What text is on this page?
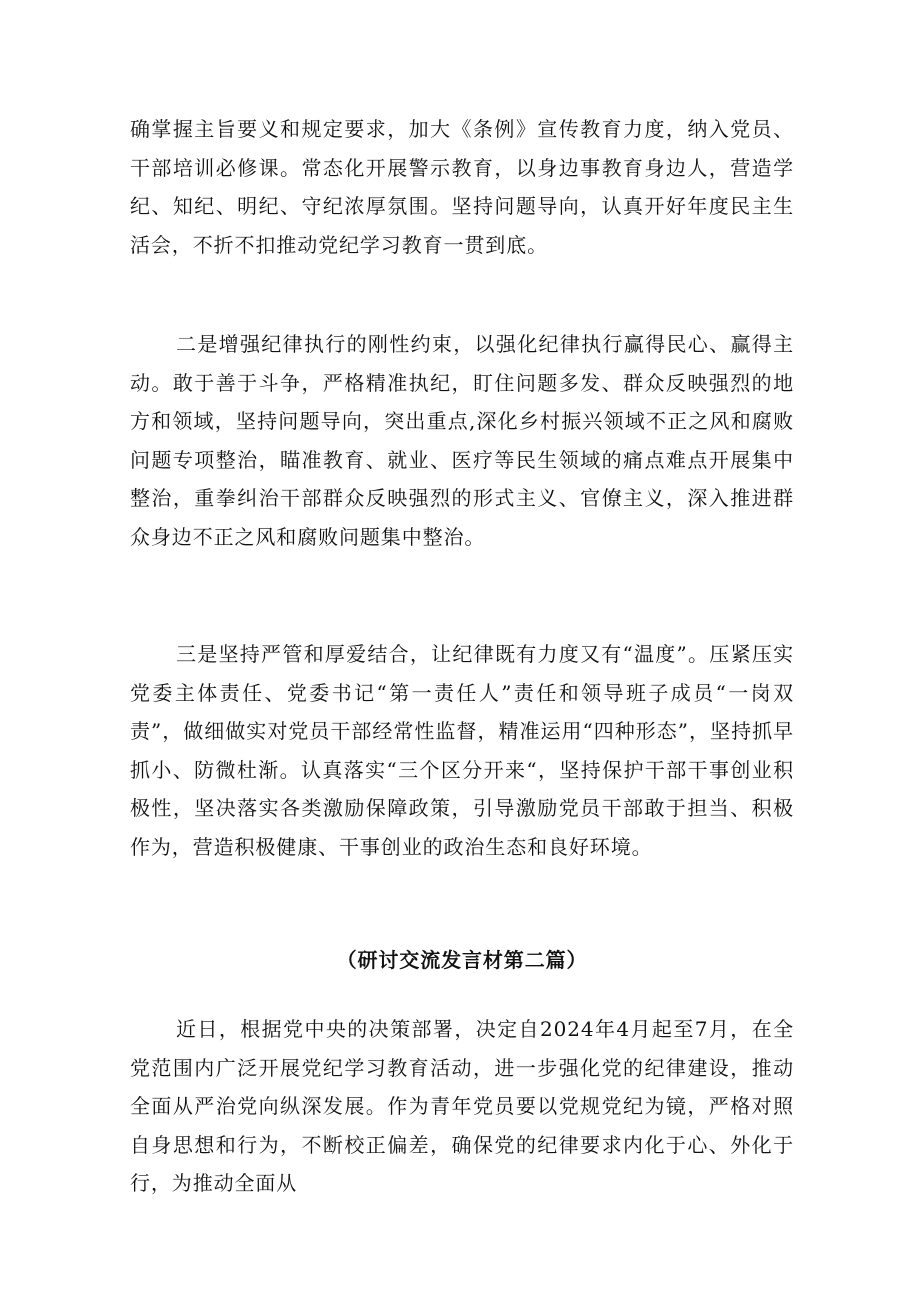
确掌握主旨要义和规定要求，加大《条例》宣传教育力度，纳入党员、干部培训必修课。常态化开展警示教育，以身边事教育身边人，营造学纪、知纪、明纪、守纪浓厚氛围。坚持问题导向，认真开好年度民主生活会，不折不扣推动党纪学习教育一贯到底。

二是增强纪律执行的刚性约束，以强化纪律执行赢得民心、赢得主动。敢于善于斗争，严格精准执纪，盯住问题多发、群众反映强烈的地方和领域，坚持问题导向，突出重点,深化乡村振兴领域不正之风和腐败问题专项整治，瞄准教育、就业、医疗等民生领域的痛点难点开展集中整治，重拳纠治干部群众反映强烈的形式主义、官僚主义，深入推进群众身边不正之风和腐败问题集中整治。

三是坚持严管和厚爱结合，让纪律既有力度又有“温度”。压紧压实党委主体责任、党委书记“第一责任人”责任和领导班子成员“一岗双责”，做细做实对党员干部经常性监督，精准运用“四种形态”，坚持抓早抓小、防微杜渐。认真落实“三个区分开来“，坚持保护干部干事创业积极性，坚决落实各类激励保障政策，引导激励党员干部敢于担当、积极作为，营造积极健康、干事创业的政治生态和良好环境。

（研讨交流发言材第二篇）

近日，根据党中央的决策部署，决定自2024年4月起至7月，在全党范围内广泛开展党纪学习教育活动，进一步强化党的纪律建设，推动全面从严治党向纵深发展。作为青年党员要以党规党纪为镜，严格对照自身思想和行为，不断校正偏差，确保党的纪律要求内化于心、外化于行，为推动全面从
